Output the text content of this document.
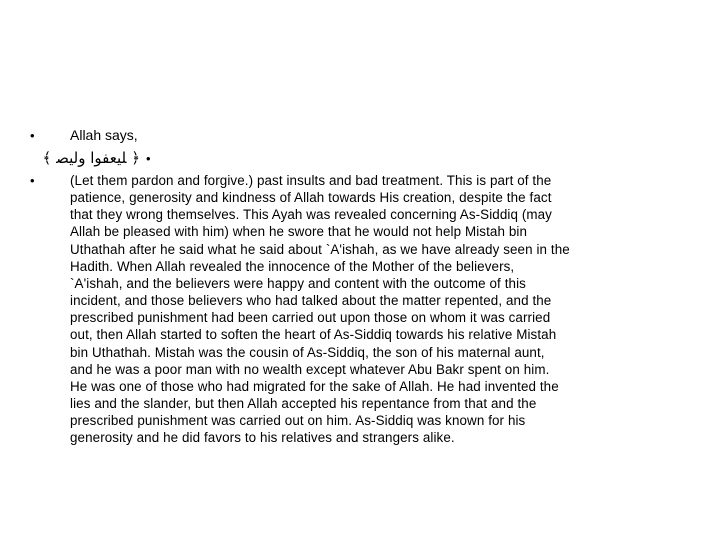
•	Allah says,
﴿ ﻠﻴﻌﻔﻮﺍ ﻭﻟﻴﺼ ﴾ •
•	(Let them pardon and forgive.) past insults and bad treatment. This is part of the
patience, generosity and kindness of Allah towards His creation, despite the fact
that they wrong themselves. This Ayah was revealed concerning As-Siddiq (may
Allah be pleased with him) when he swore that he would not help Mistah bin
Uthathah after he said what he said about `A'ishah, as we have already seen in the
Hadith. When Allah revealed the innocence of the Mother of the believers,
`A'ishah, and the believers were happy and content with the outcome of this
incident, and those believers who had talked about the matter repented, and the
prescribed punishment had been carried out upon those on whom it was carried
out, then Allah started to soften the heart of As-Siddiq towards his relative Mistah
bin Uthathah. Mistah was the cousin of As-Siddiq, the son of his maternal aunt,
and he was a poor man with no wealth except whatever Abu Bakr spent on him.
He was one of those who had migrated for the sake of Allah. He had invented the
lies and the slander, but then Allah accepted his repentance from that and the
prescribed punishment was carried out on him. As-Siddiq was known for his
generosity and he did favors to his relatives and strangers alike.
